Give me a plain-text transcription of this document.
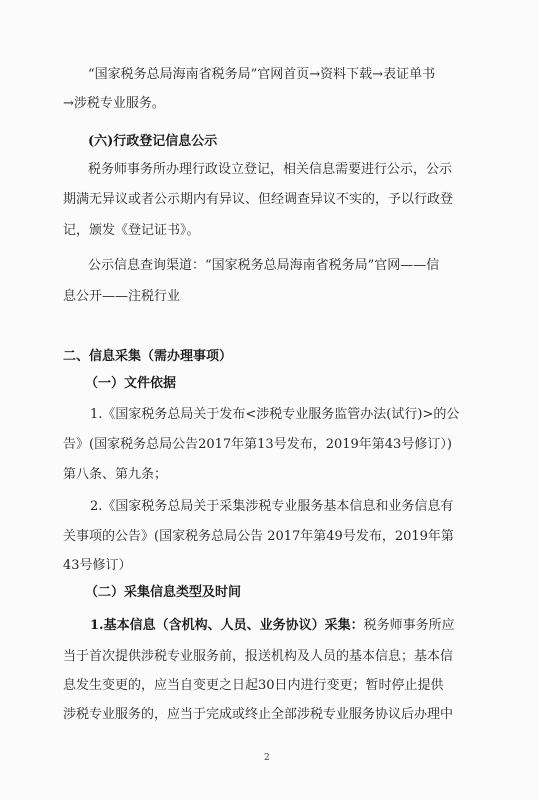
“国家税务总局海南省税务局”官网首页→资料下载→表证单书
→涉税专业服务。
(六)行政登记信息公示
税务师事务所办理行政设立登记，相关信息需要进行公示，公示
期满无异议或者公示期内有异议、但经调查异议不实的，予以行政登
记，颁发《登记证书》。
公示信息查询渠道：“国家税务总局海南省税务局”官网——信
息公开——注税行业
二、信息采集（需办理事项）
（一）文件依据
1.《国家税务总局关于发布<涉税专业服务监管办法(试行)>的公
告》(国家税务总局公告2017年第13号发布，2019年第43号修订）)
第八条、第九条；
2.《国家税务总局关于采集涉税专业服务基本信息和业务信息有
关事项的公告》(国家税务总局公告 2017年第49号发布，2019年第
43号修订）
（二）采集信息类型及时间
1.基本信息（含机构、人员、业务协议）采集：税务师事务所应
当于首次提供涉税专业服务前，报送机构及人员的基本信息；基本信
息发生变更的，应当自变更之日起30日内进行变更；暂时停止提供
涉税专业服务的，应当于完成或终止全部涉税专业服务协议后办理中
2
